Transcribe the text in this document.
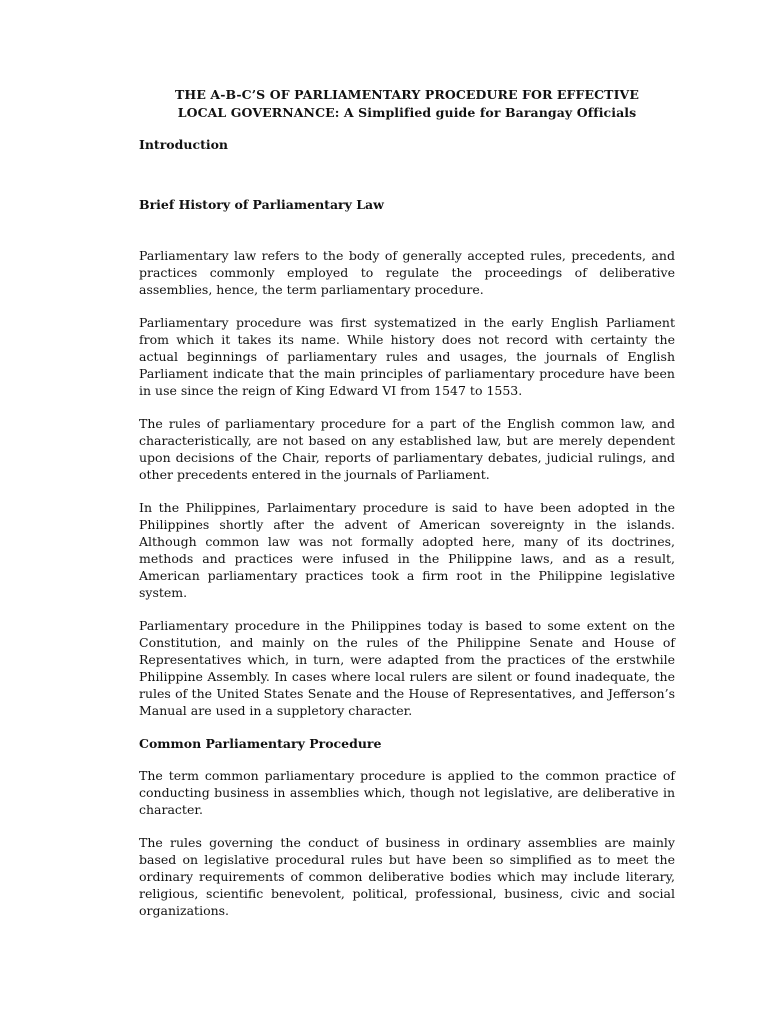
THE A-B-C’S OF PARLIAMENTARY PROCEDURE FOR EFFECTIVE
LOCAL GOVERNANCE: A Simplified guide for Barangay Officials

Introduction

Brief History of Parliamentary Law

Parliamentary law refers to the body of generally accepted rules, precedents, and practices commonly employed to regulate the proceedings of deliberative assemblies, hence, the term parliamentary procedure.

Parliamentary procedure was first systematized in the early English Parliament from which it takes its name. While history does not record with certainty the actual beginnings of parliamentary rules and usages, the journals of English Parliament indicate that the main principles of parliamentary procedure have been in use since the reign of King Edward VI from 1547 to 1553.

The rules of parliamentary procedure for a part of the English common law, and characteristically, are not based on any established law, but are merely dependent upon decisions of the Chair, reports of parliamentary debates, judicial rulings, and other precedents entered in the journals of Parliament.

In the Philippines, Parlaimentary procedure is said to have been adopted in the Philippines shortly after the advent of American sovereignty in the islands. Although common law was not formally adopted here, many of its doctrines, methods and practices were infused in the Philippine laws, and as a result, American parliamentary practices took a firm root in the Philippine legislative system.

Parliamentary procedure in the Philippines today is based to some extent on the Constitution, and mainly on the rules of the Philippine Senate and House of Representatives which, in turn, were adapted from the practices of the erstwhile Philippine Assembly. In cases where local rulers are silent or found inadequate, the rules of the United States Senate and the House of Representatives, and Jefferson’s Manual are used in a suppletory character.

Common Parliamentary Procedure

The term common parliamentary procedure is applied to the common practice of conducting business in assemblies which, though not legislative, are deliberative in character.

The rules governing the conduct of business in ordinary assemblies are mainly based on legislative procedural rules but have been so simplified as to meet the ordinary requirements of common deliberative bodies which may include literary, religious, scientific benevolent, political, professional, business, civic and social organizations.
